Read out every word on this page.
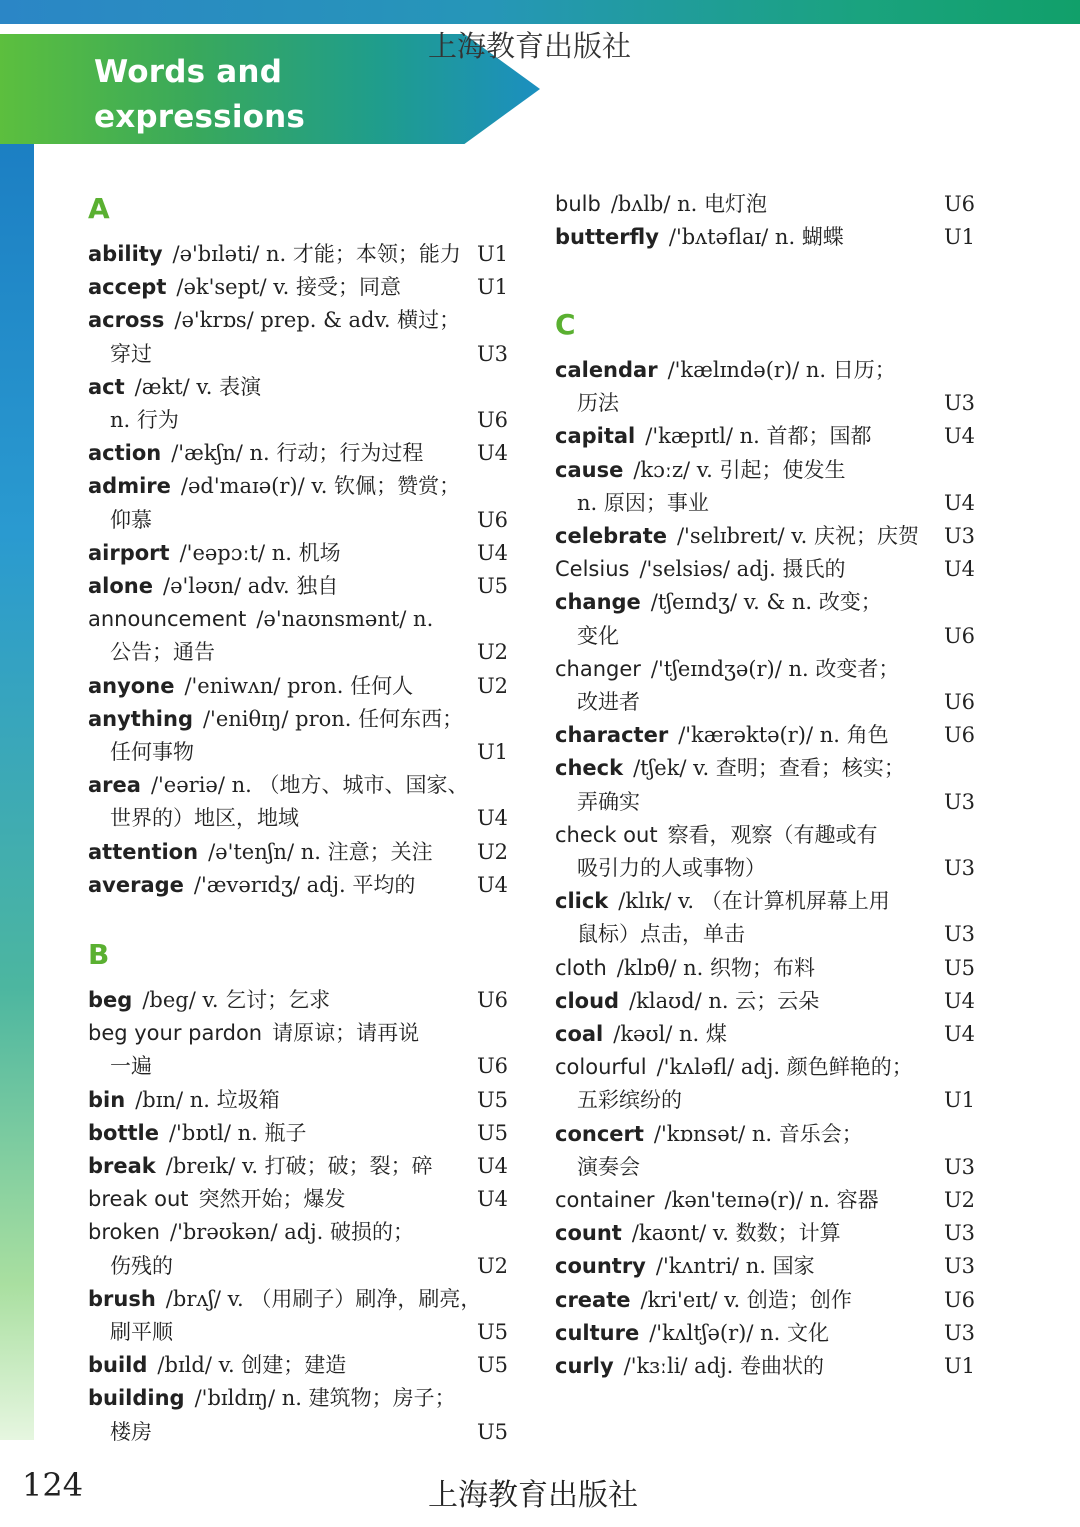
Words and expressions
in alphabetical order
上海教育出版社
A
ability /ə'bɪləti/ n. 才能；本领；能力 U1
accept /ək'sept/ v. 接受；同意	U1
across /ə'krɒs/ prep. & adv. 横过；
穿过	U3
act /ækt/ v. 表演
n. 行为	U6
action /'ækʃn/ n. 行动；行为过程	U4
admire /əd'maɪə(r)/ v. 钦佩；赞赏；
仰慕	U6
airport /'eəpɔːt/ n. 机场	U4
alone /ə'ləʊn/ adv. 独自	U5
announcement /ə'naʊnsmənt/ n.
公告；通告	U2
anyone /'eniwʌn/ pron. 任何人	U2
anything /'eniθɪŋ/ pron. 任何东西；
任何事物	U1
area /'eəriə/ n. （地方、城市、国家、
世界的）地区，地域	U4
attention /ə'tenʃn/ n. 注意；关注 U2
average /'ævərɪdʒ/ adj. 平均的	U4
beg /beg/ v. 乞讨；乞求	U6
beg your pardon 请原谅；请再说
一遍	U6
bin /bɪn/ n. 垃圾箱	U5
bottle /'bɒtl/ n. 瓶子	U5
break /breɪk/ v. 打破；破；裂；碎 U4
break out 突然开始；爆发	U4
broken /'brəʊkən/ adj. 破损的；
伤残的	U2
brush /brʌʃ/ v. （用刷子）刷净，刷亮，
刷平顺	U5
build /bɪld/ v. 创建；建造	U5
building /'bɪldɪŋ/ n. 建筑物；房子；
楼房	U5
B
bulb /bʌlb/ n. 电灯泡	U6
butterfly /'bʌtəflaɪ/ n. 蝴蝶	U1
calendar /'kælɪndə(r)/ n. 日历；
历法	U3
capital /'kæpɪtl/ n. 首都；国都	U4
cause /kɔːz/ v. 引起；使发生
n. 原因；事业	U4
celebrate /'selɪbreɪt/ v. 庆祝；庆贺 U3
Celsius /'selsiəs/ adj. 摄氏的	U4
change /tʃeɪndʒ/ v. & n. 改变；
变化	U6
changer /'tʃeɪndʒə(r)/ n. 改变者；
改进者	U6
character /'kærəktə(r)/ n. 角色	U6
check /tʃek/ v. 查明；查看；核实；
弄确实	U3
check out 察看，观察（有趣或有
吸引力的人或事物）	U3
click /klɪk/ v. （在计算机屏幕上用
鼠标）点击，单击	U3
cloth /klɒθ/ n. 织物；布料	U5
cloud /klaʊd/ n. 云；云朵	U4
coal /kəʊl/ n. 煤	U4
colourful /'kʌləfl/ adj. 颜色鲜艳的；
五彩缤纷的	U1
concert /'kɒnsət/ n. 音乐会；
演奏会	U3
container /kən'teɪnə(r)/ n. 容器	U2
count /kaʊnt/ v. 数数；计算	U3
country /'kʌntri/ n. 国家	U3
create /kri'eɪt/ v. 创造；创作	U6
culture /'kʌltʃə(r)/ n. 文化	U3
curly /'kɜːli/ adj. 卷曲状的	U1
C
124	上海教育出版社
